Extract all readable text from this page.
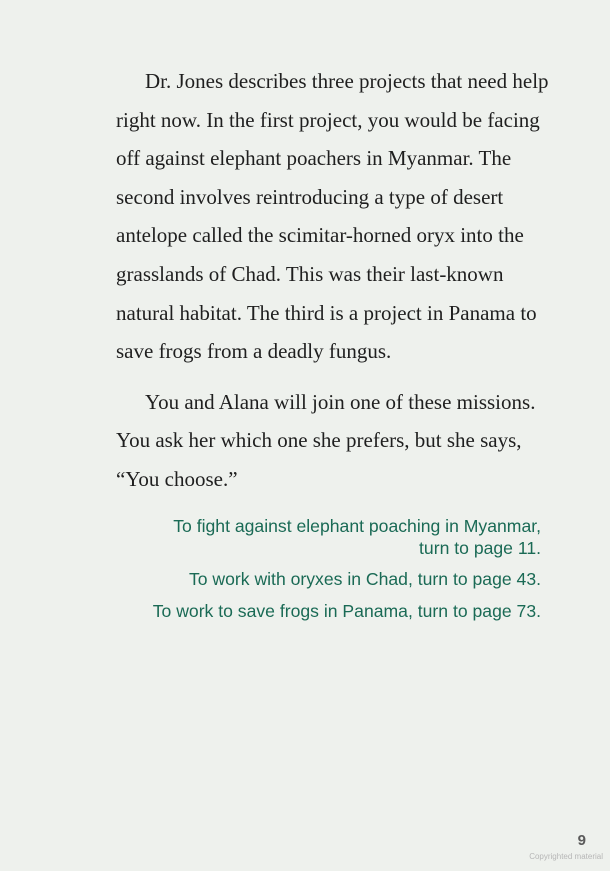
Dr. Jones describes three projects that need help right now. In the first project, you would be facing off against elephant poachers in Myanmar. The second involves reintroducing a type of desert antelope called the scimitar-horned oryx into the grasslands of Chad. This was their last-known natural habitat. The third is a project in Panama to save frogs from a deadly fungus.

You and Alana will join one of these missions. You ask her which one she prefers, but she says, “You choose.”

To fight against elephant poaching in Myanmar,
turn to page 11.

To work with oryxes in Chad, turn to page 43.

To work to save frogs in Panama, turn to page 73.

9
Copyrighted material
